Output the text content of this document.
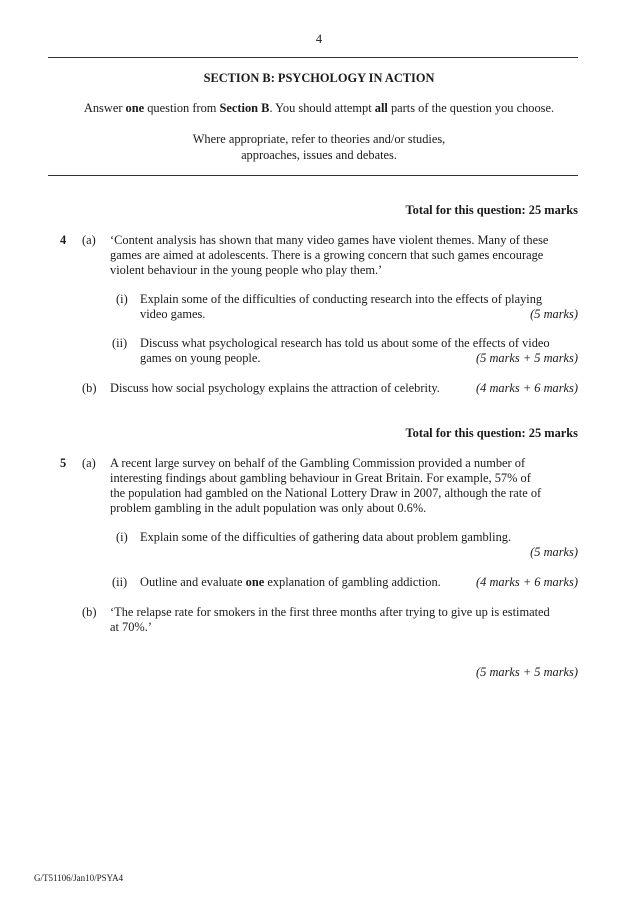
4
SECTION B: PSYCHOLOGY IN ACTION
Answer one question from Section B. You should attempt all parts of the question you choose.
Where appropriate, refer to theories and/or studies,
approaches, issues and debates.
Total for this question: 25 marks
4 (a) ‘Content analysis has shown that many video games have violent themes. Many of these
games are aimed at adolescents. There is a growing concern that such games encourage
violent behaviour in the young people who play them.’
(i) Explain some of the difficulties of conducting research into the effects of playing
video games.	(5 marks)
(ii) Discuss what psychological research has told us about some of the effects of video
games on young people.	(5 marks + 5 marks)
(b) Discuss how social psychology explains the attraction of celebrity.	(4 marks + 6 marks)
Total for this question: 25 marks
5 (a) A recent large survey on behalf of the Gambling Commission provided a number of
interesting findings about gambling behaviour in Great Britain. For example, 57% of
the population had gambled on the National Lottery Draw in 2007, although the rate of
problem gambling in the adult population was only about 0.6%.
(i) Explain some of the difficulties of gathering data about problem gambling.
(5 marks)
(ii) Outline and evaluate one explanation of gambling addiction.	(4 marks + 6 marks)
(b) ‘The relapse rate for smokers in the first three months after trying to give up is estimated
at 70%.’
(5 marks + 5 marks)
G/T51106/Jan10/PSYA4
